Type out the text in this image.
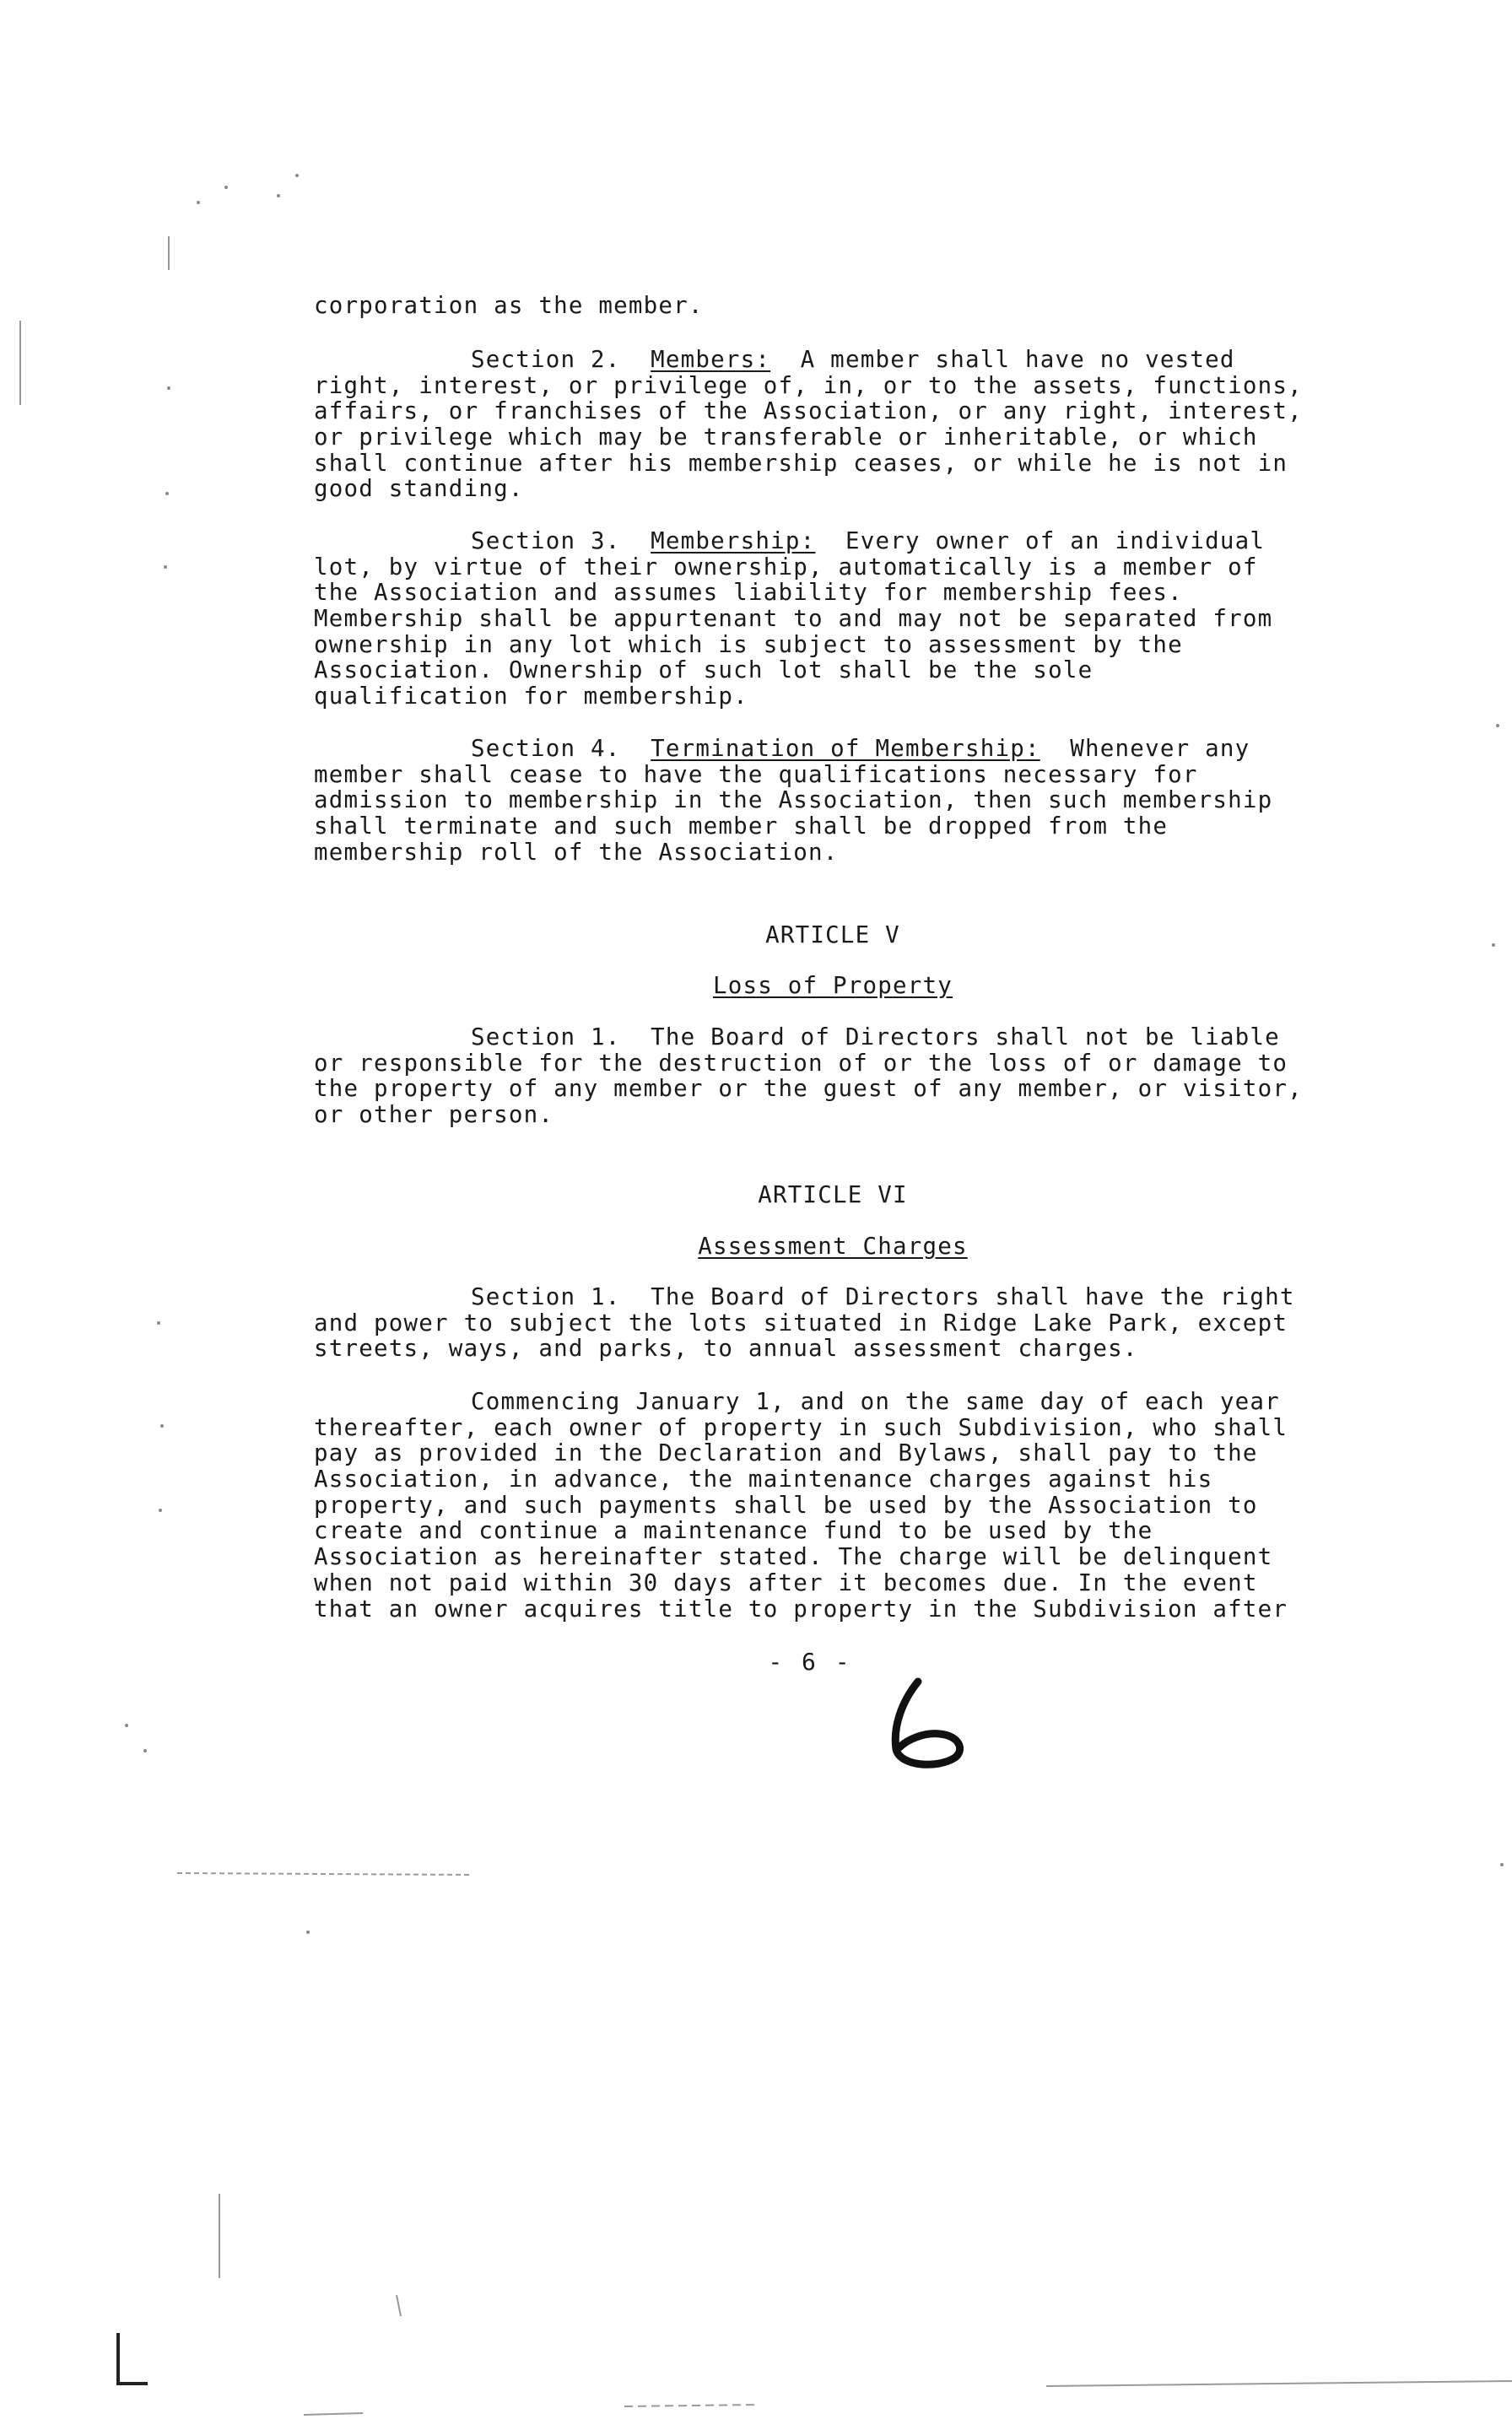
corporation as the member.
Section 2. Members: A member shall have no vested
right, interest, or privilege of, in, or to the assets, functions,
affairs, or franchises of the Association, or any right, interest,
or privilege which may be transferable or inheritable, or which
shall continue after his membership ceases, or while he is not in
good standing.
Section 3. Membership: Every owner of an individual
lot, by virtue of their ownership, automatically is a member of
the Association and assumes liability for membership fees.
Membership shall be appurtenant to and may not be separated from
ownership in any lot which is subject to assessment by the
Association. Ownership of such lot shall be the sole
qualification for membership.
Section 4. Termination of Membership: Whenever any
member shall cease to have the qualifications necessary for
admission to membership in the Association, then such membership
shall terminate and such member shall be dropped from the
membership roll of the Association.
ARTICLE V
Loss of Property
Section 1. The Board of Directors shall not be liable
or responsible for the destruction of or the loss of or damage to
the property of any member or the guest of any member, or visitor,
or other person.
ARTICLE VI
Assessment Charges
Section 1. The Board of Directors shall have the right
and power to subject the lots situated in Ridge Lake Park, except
streets, ways, and parks, to annual assessment charges.
Commencing January 1, and on the same day of each year
thereafter, each owner of property in such Subdivision, who shall
pay as provided in the Declaration and Bylaws, shall pay to the
Association, in advance, the maintenance charges against his
property, and such payments shall be used by the Association to
create and continue a maintenance fund to be used by the
Association as hereinafter stated. The charge will be delinquent
when not paid within 30 days after it becomes due. In the event
that an owner acquires title to property in the Subdivision after
- 6 -
